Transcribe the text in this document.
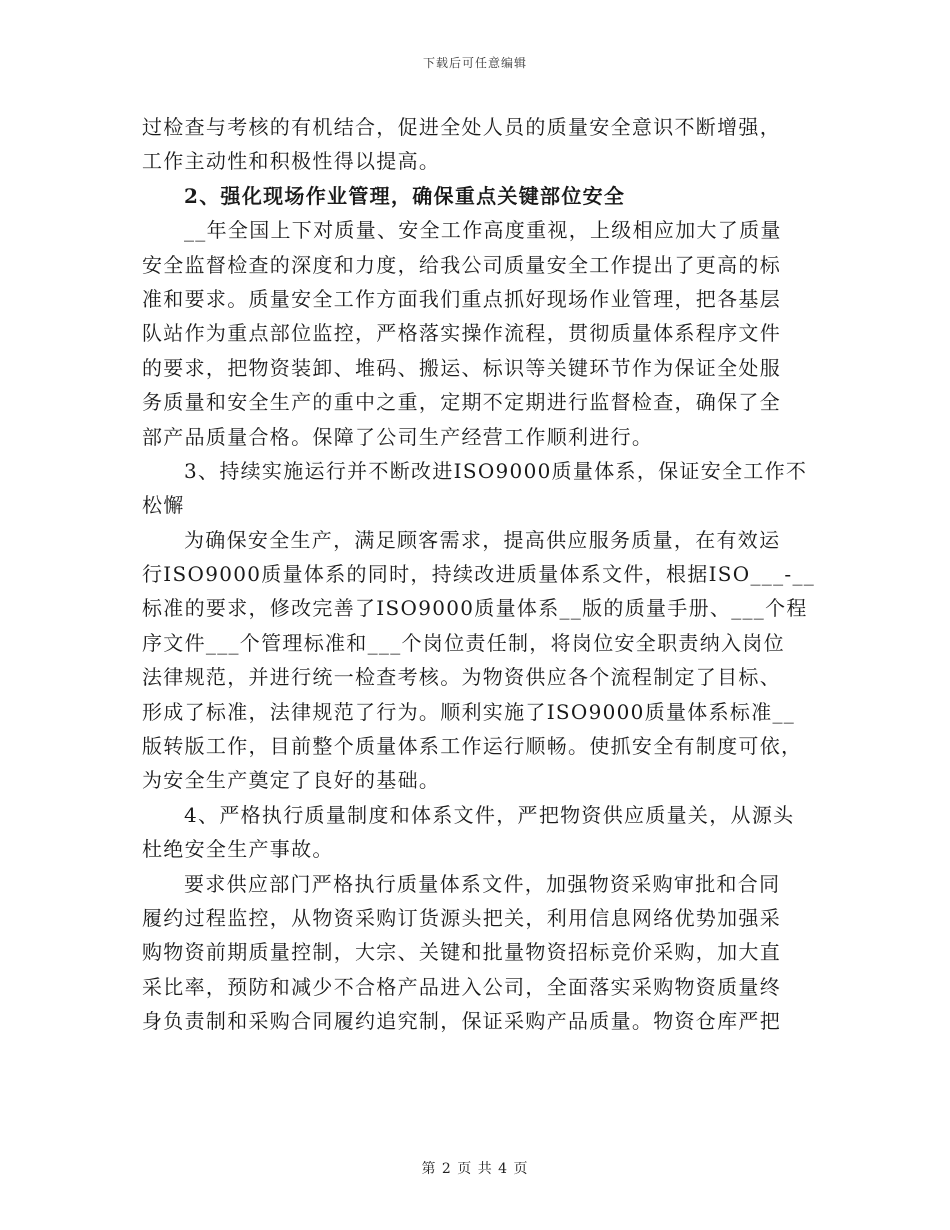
下载后可任意编辑
过检查与考核的有机结合，促进全处人员的质量安全意识不断增强，
工作主动性和积极性得以提高。
2、强化现场作业管理，确保重点关键部位安全
__年全国上下对质量、安全工作高度重视，上级相应加大了质量
安全监督检查的深度和力度，给我公司质量安全工作提出了更高的标
准和要求。质量安全工作方面我们重点抓好现场作业管理，把各基层
队站作为重点部位监控，严格落实操作流程，贯彻质量体系程序文件
的要求，把物资装卸、堆码、搬运、标识等关键环节作为保证全处服
务质量和安全生产的重中之重，定期不定期进行监督检查，确保了全
部产品质量合格。保障了公司生产经营工作顺利进行。
3、持续实施运行并不断改进ISO9000质量体系，保证安全工作不
松懈
为确保安全生产，满足顾客需求，提高供应服务质量，在有效运
行ISO9000质量体系的同时，持续改进质量体系文件，根据ISO___-__
标准的要求，修改完善了ISO9000质量体系__版的质量手册、___个程
序文件___个管理标准和___个岗位责任制，将岗位安全职责纳入岗位
法律规范，并进行统一检查考核。为物资供应各个流程制定了目标、
形成了标准，法律规范了行为。顺利实施了ISO9000质量体系标准__
版转版工作，目前整个质量体系工作运行顺畅。使抓安全有制度可依，
为安全生产奠定了良好的基础。
4、严格执行质量制度和体系文件，严把物资供应质量关，从源头
杜绝安全生产事故。
要求供应部门严格执行质量体系文件，加强物资采购审批和合同
履约过程监控，从物资采购订货源头把关，利用信息网络优势加强采
购物资前期质量控制，大宗、关键和批量物资招标竞价采购，加大直
采比率，预防和减少不合格产品进入公司，全面落实采购物资质量终
身负责制和采购合同履约追究制，保证采购产品质量。物资仓库严把
第 2 页 共 4 页
